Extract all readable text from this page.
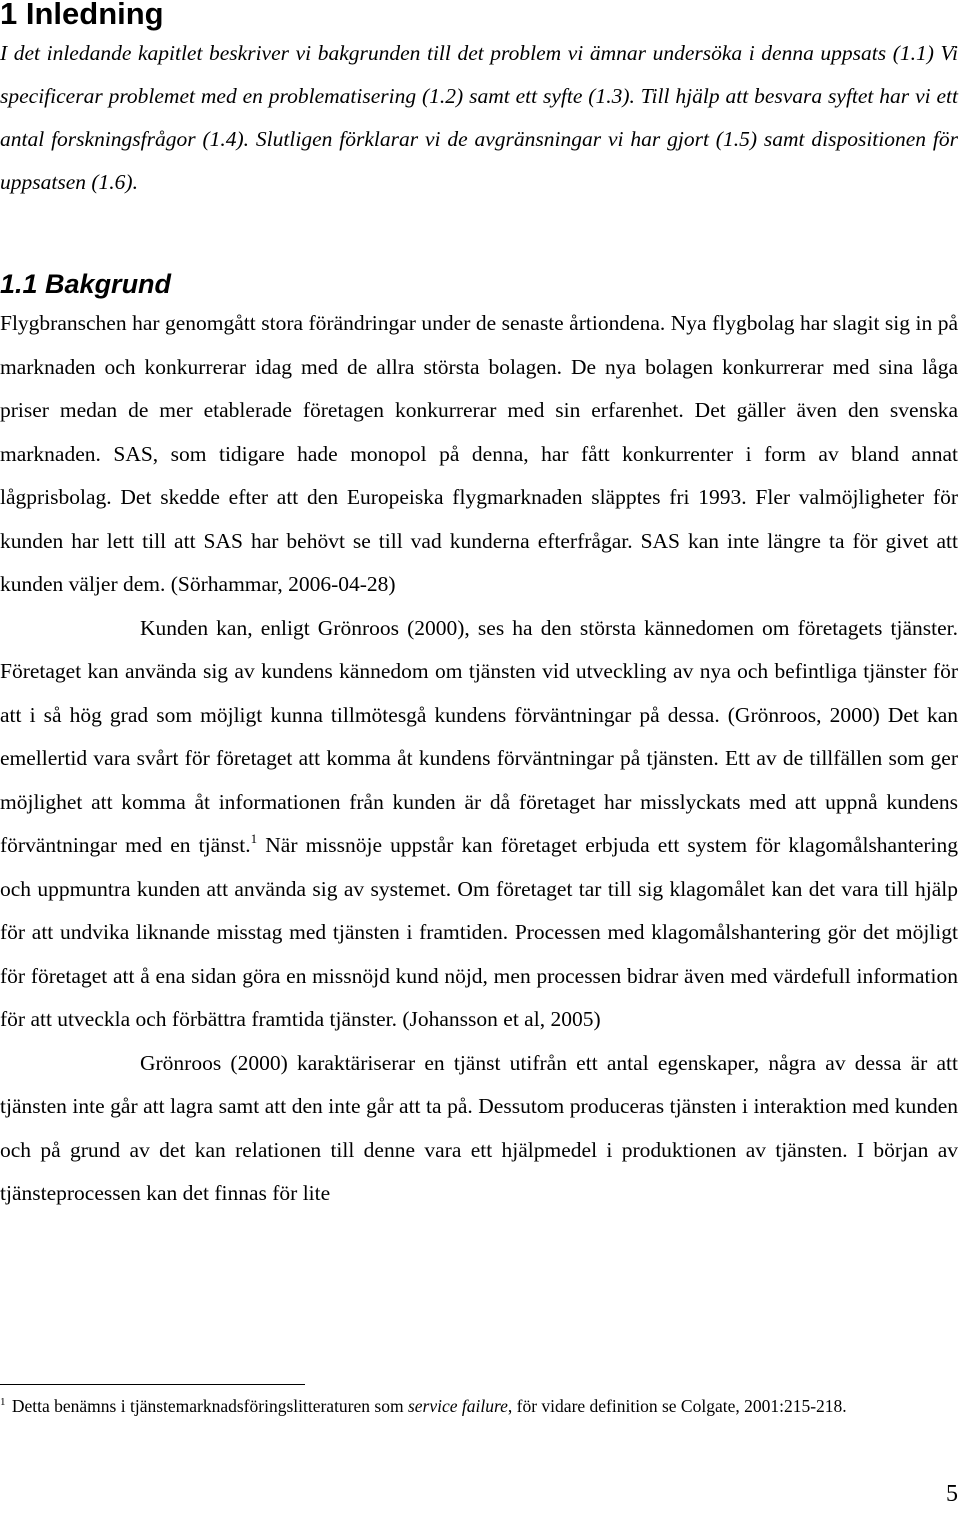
1 Inledning

I det inledande kapitlet beskriver vi bakgrunden till det problem vi ämnar undersöka i denna uppsats (1.1) Vi specificerar problemet med en problematisering (1.2) samt ett syfte (1.3). Till hjälp att besvara syftet har vi ett antal forskningsfrågor (1.4). Slutligen förklarar vi de avgränsningar vi har gjort (1.5) samt dispositionen för uppsatsen (1.6).

1.1 Bakgrund

Flygbranschen har genomgått stora förändringar under de senaste årtiondena. Nya flygbolag har slagit sig in på marknaden och konkurrerar idag med de allra största bolagen. De nya bolagen konkurrerar med sina låga priser medan de mer etablerade företagen konkurrerar med sin erfarenhet. Det gäller även den svenska marknaden. SAS, som tidigare hade monopol på denna, har fått konkurrenter i form av bland annat lågprisbolag. Det skedde efter att den Europeiska flygmarknaden släpptes fri 1993. Fler valmöjligheter för kunden har lett till att SAS har behövt se till vad kunderna efterfrågar. SAS kan inte längre ta för givet att kunden väljer dem. (Sörhammar, 2006-04-28)

Kunden kan, enligt Grönroos (2000), ses ha den största kännedomen om företagets tjänster. Företaget kan använda sig av kundens kännedom om tjänsten vid utveckling av nya och befintliga tjänster för att i så hög grad som möjligt kunna tillmötesgå kundens förväntningar på dessa. (Grönroos, 2000) Det kan emellertid vara svårt för företaget att komma åt kundens förväntningar på tjänsten. Ett av de tillfällen som ger möjlighet att komma åt informationen från kunden är då företaget har misslyckats med att uppnå kundens förväntningar med en tjänst.$^1$ När missnöje uppstår kan företaget erbjuda ett system för klagomålshantering och uppmuntra kunden att använda sig av systemet. Om företaget tar till sig klagomålet kan det vara till hjälp för att undvika liknande misstag med tjänsten i framtiden. Processen med klagomålshantering gör det möjligt för företaget att å ena sidan göra en missnöjd kund nöjd, men processen bidrar även med värdefull information för att utveckla och förbättra framtida tjänster. (Johansson et al, 2005)

Grönroos (2000) karaktäriserar en tjänst utifrån ett antal egenskaper, några av dessa är att tjänsten inte går att lagra samt att den inte går att ta på. Dessutom produceras tjänsten i interaktion med kunden och på grund av det kan relationen till denne vara ett hjälpmedel i produktionen av tjänsten. I början av tjänsteprocessen kan det finnas för lite

$^1$ Detta benämns i tjänstemarknadsföringslitteraturen som service failure, för vidare definition se Colgate, 2001:215-218.

5
